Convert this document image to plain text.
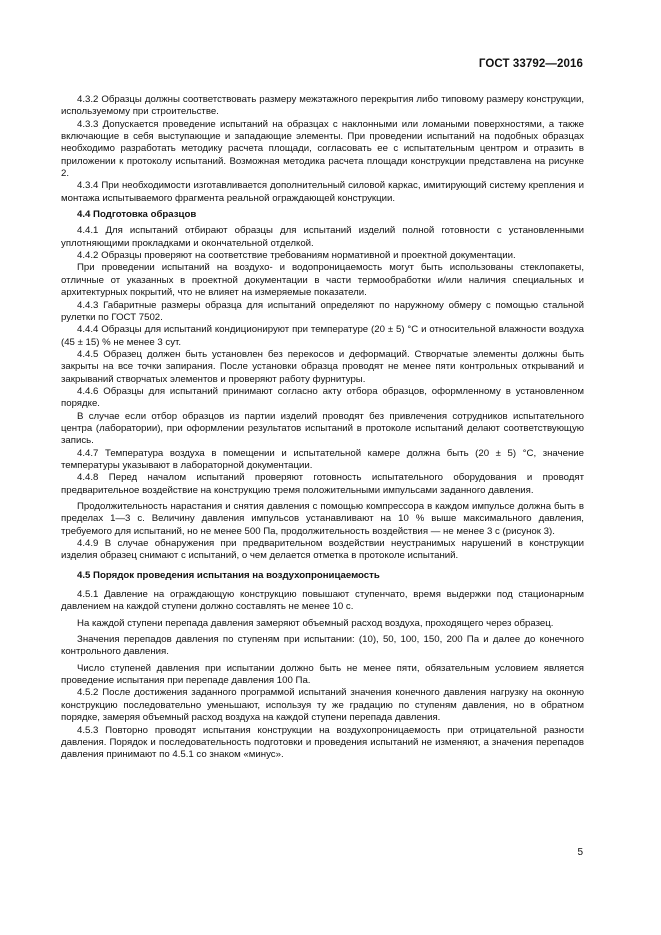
ГОСТ 33792—2016

4.3.2 Образцы должны соответствовать размеру межэтажного перекрытия либо типовому размеру конструкции, используемому при строительстве.

4.3.3 Допускается проведение испытаний на образцах с наклонными или ломаными поверхностями, а также включающие в себя выступающие и западающие элементы. При проведении испытаний на подобных образцах необходимо разработать методику расчета площади, согласовать ее с испытательным центром и отразить в приложении к протоколу испытаний. Возможная методика расчета площади конструкции представлена на рисунке 2.

4.3.4 При необходимости изготавливается дополнительный силовой каркас, имитирующий систему крепления и монтажа испытываемого фрагмента реальной ограждающей конструкции.

4.4 Подготовка образцов

4.4.1 Для испытаний отбирают образцы для испытаний изделий полной готовности с установленными уплотняющими прокладками и окончательной отделкой.

4.4.2 Образцы проверяют на соответствие требованиям нормативной и проектной документации.

При проведении испытаний на воздухо- и водопроницаемость могут быть использованы стеклопакеты, отличные от указанных в проектной документации в части термообработки и/или наличия специальных и архитектурных покрытий, что не влияет на измеряемые показатели.

4.4.3 Габаритные размеры образца для испытаний определяют по наружному обмеру с помощью стальной рулетки по ГОСТ 7502.

4.4.4 Образцы для испытаний кондиционируют при температуре (20 ± 5) °С и относительной влажности воздуха (45 ± 15) % не менее 3 сут.

4.4.5 Образец должен быть установлен без перекосов и деформаций. Створчатые элементы должны быть закрыты на все точки запирания. После установки образца проводят не менее пяти контрольных открываний и закрываний створчатых элементов и проверяют работу фурнитуры.

4.4.6 Образцы для испытаний принимают согласно акту отбора образцов, оформленному в установленном порядке.

В случае если отбор образцов из партии изделий проводят без привлечения сотрудников испытательного центра (лаборатории), при оформлении результатов испытаний в протоколе испытаний делают соответствующую запись.

4.4.7 Температура воздуха в помещении и испытательной камере должна быть (20 ± 5) °С, значение температуры указывают в лабораторной документации.

4.4.8 Перед началом испытаний проверяют готовность испытательного оборудования и проводят предварительное воздействие на конструкцию тремя положительными импульсами заданного давления.

Продолжительность нарастания и снятия давления с помощью компрессора в каждом импульсе должна быть в пределах 1—3 с. Величину давления импульсов устанавливают на 10 % выше максимального давления, требуемого для испытаний, но не менее 500 Па, продолжительность воздействия — не менее 3 с (рисунок 3).

4.4.9 В случае обнаружения при предварительном воздействии неустранимых нарушений в конструкции изделия образец снимают с испытаний, о чем делается отметка в протоколе испытаний.

4.5 Порядок проведения испытания на воздухопроницаемость

4.5.1 Давление на ограждающую конструкцию повышают ступенчато, время выдержки под стационарным давлением на каждой ступени должно составлять не менее 10 с.

На каждой ступени перепада давления замеряют объемный расход воздуха, проходящего через образец.

Значения перепадов давления по ступеням при испытании: (10), 50, 100, 150, 200 Па и далее до конечного контрольного давления.

Число ступеней давления при испытании должно быть не менее пяти, обязательным условием является проведение испытания при перепаде давления 100 Па.

4.5.2 После достижения заданного программой испытаний значения конечного давления нагрузку на оконную конструкцию последовательно уменьшают, используя ту же градацию по ступеням давления, но в обратном порядке, замеряя объемный расход воздуха на каждой ступени перепада давления.

4.5.3 Повторно проводят испытания конструкции на воздухопроницаемость при отрицательной разности давления. Порядок и последовательность подготовки и проведения испытаний не изменяют, а значения перепадов давления принимают по 4.5.1 со знаком «минус».

5
